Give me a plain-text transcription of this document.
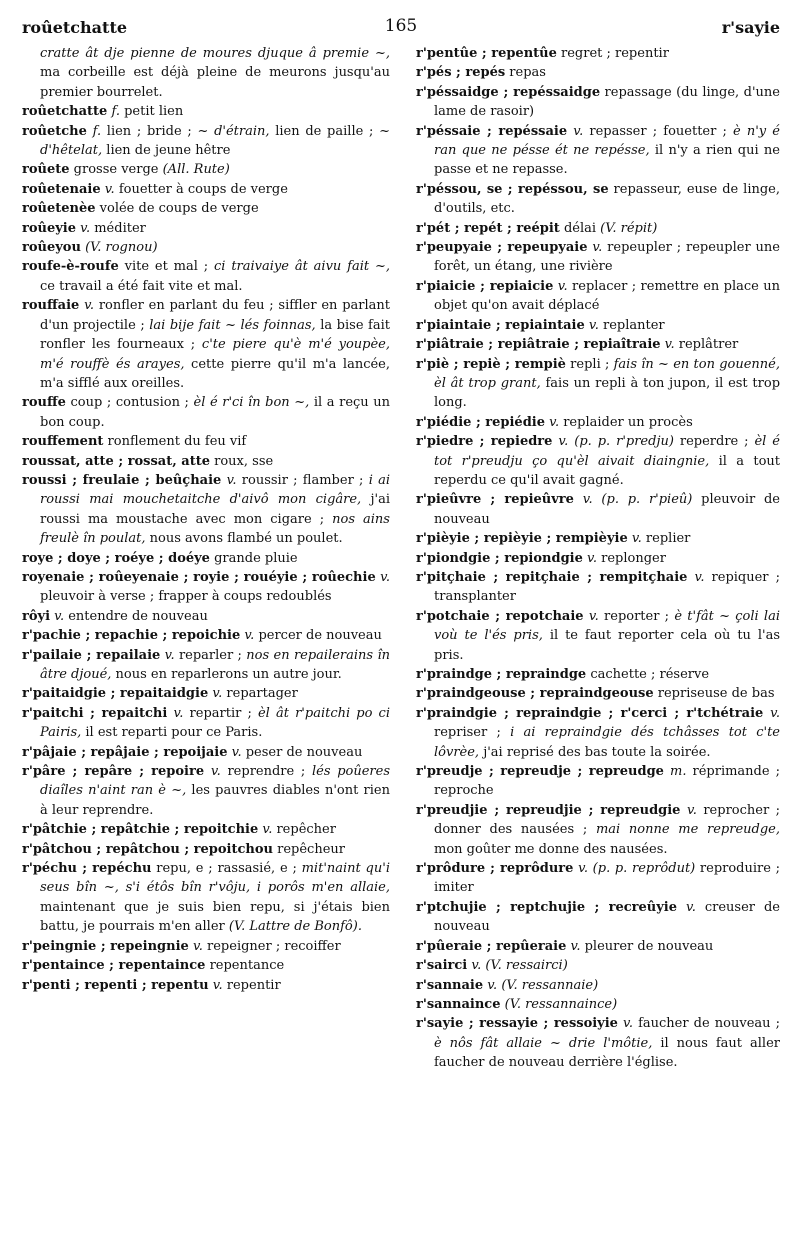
165
roûetchatte	r'sayie

cratte ât dje pienne de moures djuque â premie ~, ma corbeille est déjà pleine de meurons jusqu'au premier bourrelet.

roûetchatte f. petit lien

roûetche f. lien ; bride ; ~ d'étrain, lien de paille ; ~ d'hêtelat, lien de jeune hêtre

roûete grosse verge (All. Rute)

roûetenaie v. fouetter à coups de verge

roûetenèe volée de coups de verge

roûeyie v. méditer

roûeyou (V. rognou)

roufe-è-roufe vite et mal ; ci traivaiye ât aivu fait ~, ce travail a été fait vite et mal.

rouffaie v. ronfler en parlant du feu ; siffler en parlant d'un projectile ; lai bije fait ~ lés foinnas, la bise fait ronfler les fourneaux ; c'te piere qu'è m'é youpèe, m'é rouffè és arayes, cette pierre qu'il m'a lancée, m'a sifflé aux oreilles.

rouffe coup ; contusion ; èl é r'ci în bon ~, il a reçu un bon coup.

rouffement ronflement du feu vif

roussat, atte ; rossat, atte roux, sse

roussi ; freulaie ; beûçhaie v. roussir ; flamber ; i ai roussi mai mouchetaitche d'aivô mon cigâre, j'ai roussi ma moustache avec mon cigare ; nos ains freulè în poulat, nous avons flambé un poulet.

roye ; doye ; roéye ; doéye grande pluie

royenaie ; roûeyenaie ; royie ; rouéyie ; roûechie v. pleuvoir à verse ; frapper à coups redoublés

rôyi v. entendre de nouveau

r'pachie ; repachie ; repoichie v. percer de nouveau

r'pailaie ; repailaie v. reparler ; nos en repailerains în âtre djoué, nous en reparlerons un autre jour.

r'paitaidgie ; repaitaidgie v. repartager

r'paitchi ; repaitchi v. repartir ; èl ât r'paitchi po ci Pairis, il est reparti pour ce Paris.

r'pâjaie ; repâjaie ; repoijaie v. peser de nouveau

r'pâre ; repâre ; repoire v. reprendre ; lés poûeres diaîles n'aint ran è ~, les pauvres diables n'ont rien à leur reprendre.

r'pâtchie ; repâtchie ; repoitchie v. repêcher

r'pâtchou ; repâtchou ; repoitchou repêcheur

r'péchu ; repéchu repu, e ; rassasié, e ; mit'naint qu'i seus bîn ~, s'i étôs bîn r'vôju, i porôs m'en allaie, maintenant que je suis bien repu, si j'étais bien battu, je pourrais m'en aller (V. Lattre de Bonfô).

r'peingnie ; repeingnie v. repeigner ; recoiffer

r'pentaince ; repentaince repentance

r'penti ; repenti ; repentu v. repentir

r'pentûe ; repentûe regret ; repentir

r'pés ; repés repas

r'péssaidge ; repéssaidge repassage (du linge, d'une lame de rasoir)

r'péssaie ; repéssaie v. repasser ; fouetter ; è n'y é ran que ne pésse ét ne repésse, il n'y a rien qui ne passe et ne repasse.

r'péssou, se ; repéssou, se repasseur, euse de linge, d'outils, etc.

r'pét ; repét ; reépit délai (V. répit)

r'peupyaie ; repeupyaie v. repeupler ; repeupler une forêt, un étang, une rivière

r'piaicie ; repiaicie v. replacer ; remettre en place un objet qu'on avait déplacé

r'piaintaie ; repiaintaie v. replanter

r'piâtraie ; repiâtraie ; repiaîtraie v. replâtrer

r'piè ; repiè ; rempiè repli ; fais în ~ en ton gouenné, èl ât trop grant, fais un repli à ton jupon, il est trop long.

r'piédie ; repiédie v. replaider un procès

r'piedre ; repiedre v. (p. p. r'predju) reperdre ; èl é tot r'preudju ço qu'èl aivait diaingnie, il a tout reperdu ce qu'il avait gagné.

r'pieûvre ; repieûvre v. (p. p. r'pieû) pleuvoir de nouveau

r'pièyie ; repièyie ; rempièyie v. replier

r'piondgie ; repiondgie v. replonger

r'pitçhaie ; repitçhaie ; rempitçhaie v. repiquer ; transplanter

r'potchaie ; repotchaie v. reporter ; è t'fât ~ çoli lai voù te l'és pris, il te faut reporter cela où tu l'as pris.

r'praindge ; repraindge cachette ; réserve

r'praindgeouse ; repraindgeouse repriseuse de bas

r'praindgie ; repraindgie ; r'cerci ; r'tchétraie v. repriser ; i ai repraindgie dés tchâsses tot c'te lôvrèe, j'ai reprisé des bas toute la soirée.

r'preudje ; repreudje ; repreudge m. réprimande ; reproche

r'preudjie ; repreudjie ; repreudgie v. reprocher ; donner des nausées ; mai nonne me repreudge, mon goûter me donne des nausées.

r'prôdure ; reprôdure v. (p. p. reprôdut) reproduire ; imiter

r'ptchujie ; reptchujie ; recreûyie v. creuser de nouveau

r'pûeraie ; repûeraie v. pleurer de nouveau

r'sairci v. (V. ressairci)

r'sannaie v. (V. ressannaie)

r'sannaince (V. ressannaince)

r'sayie ; ressayie ; ressoiyie v. faucher de nouveau ; è nôs fât allaie ~ drie l'môtie, il nous faut aller faucher de nouveau derrière l'église.
